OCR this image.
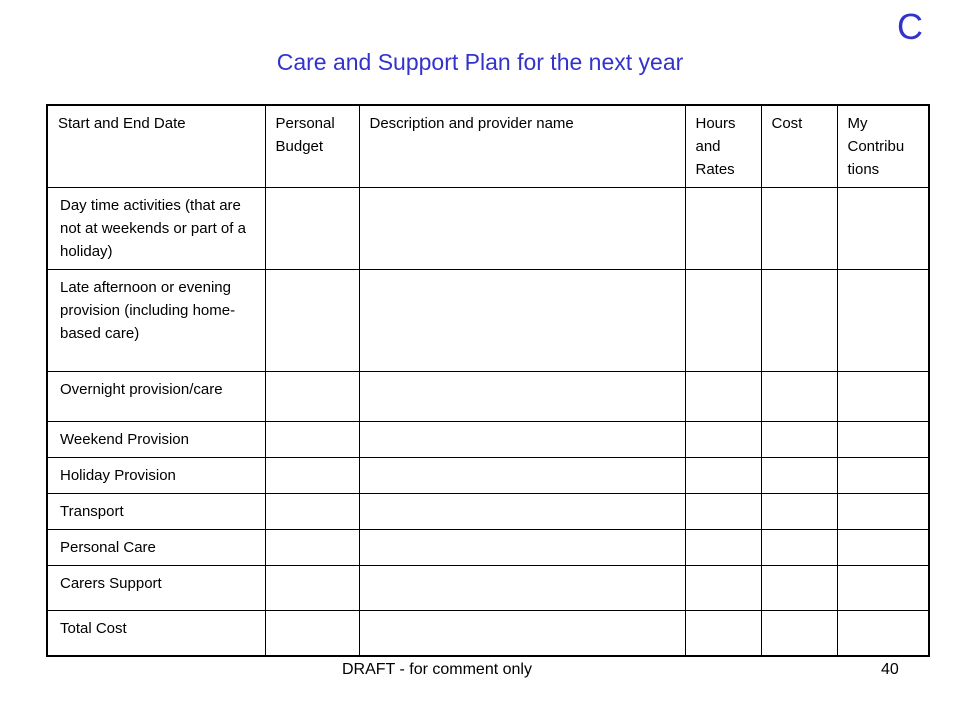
C
Care and Support Plan for the next year
Start and End Date	Personal Budget	Description and provider name	Hours and Rates	Cost	My Contribu tions
Day time activities (that are not at weekends or part of a holiday)					
Late afternoon or evening provision (including home-based care)					
Overnight provision/care					
Weekend Provision					
Holiday Provision					
Transport					
Personal Care					
Carers Support					
Total Cost					
DRAFT - for comment only	40
